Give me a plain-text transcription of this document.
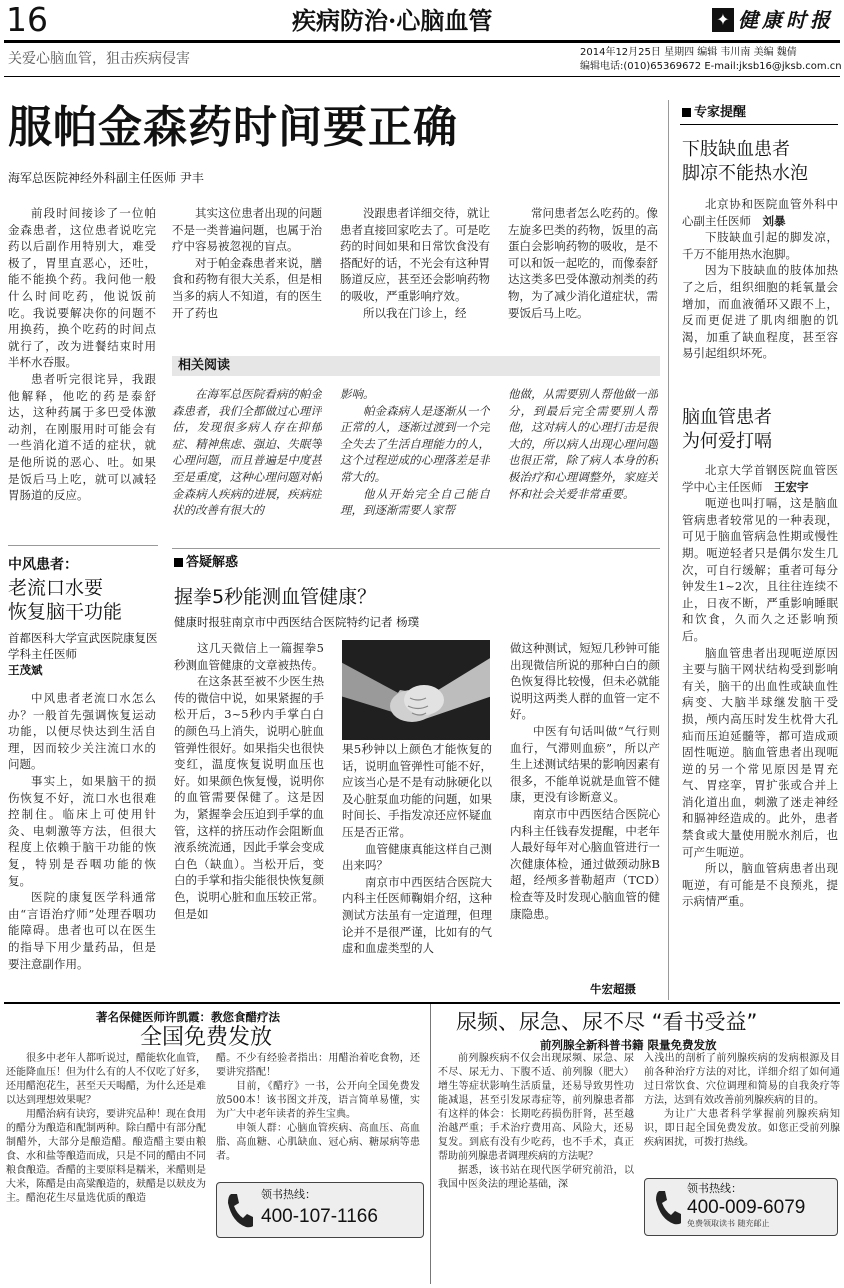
16	疾病防治·心脑血管	✦ 健康时报
关爱心脑血管，狙击疾病侵害	2014年12月25日 星期四 编辑 韦川南 美编 魏倩
编辑电话:(010)65369672 E-mail:jksb16@jksb.com.cn
服帕金森药时间要正确
海军总医院神经外科副主任医师 尹丰
前段时间接诊了一位帕金森患者，这位患者说吃完药以后副作用特别大，难受极了，胃里直恶心，还吐，能不能换个药。我问他一般什么时间吃药，他说饭前吃。我说要解决你的问题不用换药，换个吃药的时间点就行了，改为进餐结束时用半杯水吞服。
患者听完很诧异，我跟他解释，他吃的药是泰舒达，这种药属于多巴受体激动剂，在刚服用时可能会有一些消化道不适的症状，就是他所说的恶心、吐。如果是饭后马上吃，就可以减轻胃肠道的反应。
其实这位患者出现的问题不是一类普遍问题，也属于治疗中容易被忽视的盲点。
对于帕金森患者来说，膳食和药物有很大关系，但是相当多的病人不知道，有的医生开了药也
没跟患者详细交待，就让患者直接回家吃去了。可是吃药的时间如果和日常饮食没有搭配好的话，不光会有这种胃肠道反应，甚至还会影响药物的吸收，严重影响疗效。
所以我在门诊上，经
常问患者怎么吃药的。像左旋多巴类的药物，饭里的高蛋白会影响药物的吸收，是不可以和饭一起吃的，而像泰舒达这类多巴受体激动剂类的药物，为了减少消化道症状，需要饭后马上吃。
相关阅读
在海军总医院看病的帕金森患者，我们全都做过心理评估，发现很多病人存在抑郁症、精神焦虑、强迫、失眠等心理问题，而且普遍是中度甚至是重度，这种心理问题对帕金森病人疾病的进展，疾病症状的改善有很大的
影响。
帕金森病人是逐渐从一个正常的人，逐渐过渡到一个完全失去了生活自理能力的人，这个过程逆成的心理落差是非常大的。
他从开始完全自己能自理，到逐渐需要人家帮
他做，从需要别人帮他做一部分，到最后完全需要别人帮他，这对病人的心理打击是很大的，所以病人出现心理问题也很正常，除了病人本身的积极治疗和心理调整外，家庭关怀和社会关爱非常重要。
中风患者：
老流口水要
恢复脑干功能
首都医科大学宣武医院康复医学科主任医师
王茂斌
中风患者老流口水怎么办？一般首先强调恢复运动功能，以便尽快达到生活自理，因而较少关注流口水的问题。
事实上，如果脑干的损伤恢复不好，流口水也很难控制住。临床上可使用针灸、电刺激等方法，但很大程度上依赖于脑干功能的恢复，特别是吞咽功能的恢复。
医院的康复医学科通常由“言语治疗师”处理吞咽功能障碍。患者也可以在医生的指导下用少量药品，但是要注意副作用。
答疑解惑
握拳5秒能测血管健康？
健康时报驻南京市中西医结合医院特约记者 杨璞
这几天微信上一篇握拳5秒测血管健康的文章被热传。
在这条甚至被不少医生热传的微信中说，如果紧握的手松开后，3~5秒内手掌白白的颜色马上消失，说明心脏血管弹性很好。如果指尖也很快变红，温度恢复说明血压也好。如果颜色恢复慢，说明你的血管需要保健了。这是因为，紧握拳会压迫到手掌的血管，这样的挤压动作会阻断血液系统流通，因此手掌会变成白色（缺血）。当松开后，变白的手掌和指尖能很快恢复颜色，说明心脏和血压较正常。但是如
果5秒钟以上颜色才能恢复的话，说明血管弹性可能不好，应该当心是不是有动脉硬化以及心脏泵血功能的问题，如果时间长、手指发凉还应怀疑血压是否正常。
血管健康真能这样自己测出来吗？
南京市中西医结合医院大内科主任医师鞠娟介绍，这种测试方法虽有一定道理，但理论并不是很严谨，比如有的气虚和血虚类型的人
做这种测试，短短几秒钟可能出现微信所说的那种白白的颜色恢复得比较慢，但未必就能说明这两类人群的血管一定不好。
中医有句话叫做“气行则血行，气滞则血瘀”，所以产生上述测试结果的影响因素有很多，不能单说就是血管不健康，更没有诊断意义。
南京市中西医结合医院心内科主任钱春发提醒，中老年人最好每年对心脑血管进行一次健康体检，通过做颈动脉B超，经颅多普勒超声（TCD）检查等及时发现心脑血管的健康隐患。
牛宏超摄
专家提醒
下肢缺血患者
脚凉不能热水泡
北京协和医院血管外科中心副主任医师　 刘暴
下肢缺血引起的脚发凉，千万不能用热水泡脚。
因为下肢缺血的肢体加热了之后，组织细胞的耗氧量会增加，而血液循环又跟不上，反而更促进了肌肉细胞的饥渴，加重了缺血程度，甚至容易引起组织坏死。
脑血管患者
为何爱打嗝
北京大学首钢医院血管医学中心主任医师　 王宏宇
呃逆也叫打嗝，这是脑血管病患者较常见的一种表现，可见于脑血管病急性期或慢性期。呃逆轻者只是偶尔发生几次，可自行缓解；重者可每分钟发生1~2次，且往往连续不止，日夜不断，严重影响睡眠和饮食，久而久之还影响预后。
脑血管患者出现呃逆原因主要与脑干网状结构受到影响有关，脑干的出血性或缺血性病变、大脑半球继发脑干受损，颅内高压时发生枕骨大孔疝而压迫延髓等，都可造成顽固性呃逆。脑血管患者出现呃逆的另一个常见原因是胃充气、胃痉挛，胃扩张或合并上消化道出血，刺激了迷走神经和膈神经造成的。此外，患者禁食或大量使用脱水剂后，也可产生呃逆。
所以，脑血管病患者出现呃逆，有可能是不良预兆，提示病情严重。
著名保健医师许凯霞：教您食醋疗法
全国免费发放
很多中老年人都听说过，醋能软化血管，还能降血压！但为什么有的人不仅吃了好多，还用醋泡花生，甚至天天喝醋，为什么还是难以达到理想效果呢？
用醋治病有诀窍，要讲究品种！现在食用的醋分为酿造和配制两种。除白醋中有部分配制醋外，大部分是酿造醋。酿造醋主要由粮食、水和盐等酿造而成，只是不同的醋由不同粮食酿造。香醋的主要原料是糯米，米醋则是大米，陈醋是由高粱酿造的，麸醋是以麸皮为主。醋泡花生尽量选优质的酿造
醋。不少有经验者指出：用醋治着吃食物，还要讲究搭配！
目前，《醋疗》一书，公开向全国免费发放500本！该书图文并茂，语言简单易懂，实为广大中老年读者的养生宝典。
申领人群：心脑血管疾病、高血压、高血脂、高血糖、心肌缺血、冠心病、糖尿病等患者。
领书热线：
400-107-1166
尿频、尿急、尿不尽 “看书受益”
前列腺全新科普书籍 限量免费发放
前列腺疾病不仅会出现尿频、尿急、尿不尽、尿无力、下腹不适、前列腺（肥大）增生等症状影响生活质量，还易导致男性功能减退，甚至引发尿毒症等，前列腺患者都有这样的体会：长期吃药损伤肝肾，甚至越治越严重；手术治疗费用高、风险大，还易复发。到底有没有少吃药，也不手术，真正帮助前列腺患者调理疾病的方法呢？
据悉，该书站在现代医学研究前沿，以我国中医灸法的理论基础，深
入浅出的剖析了前列腺疾病的发病根源及目前各种治疗方法的对比，详细介绍了如何通过日常饮食、穴位调理和简易的自我灸疗等方法，达到有效改善前列腺疾病的目的。
为让广大患者科学掌握前列腺疾病知识，即日起全国免费发放。如您正受前列腺疾病困扰，可拨打热线。
领书热线：
400-009-6079
免费领取读书 随充邮止
